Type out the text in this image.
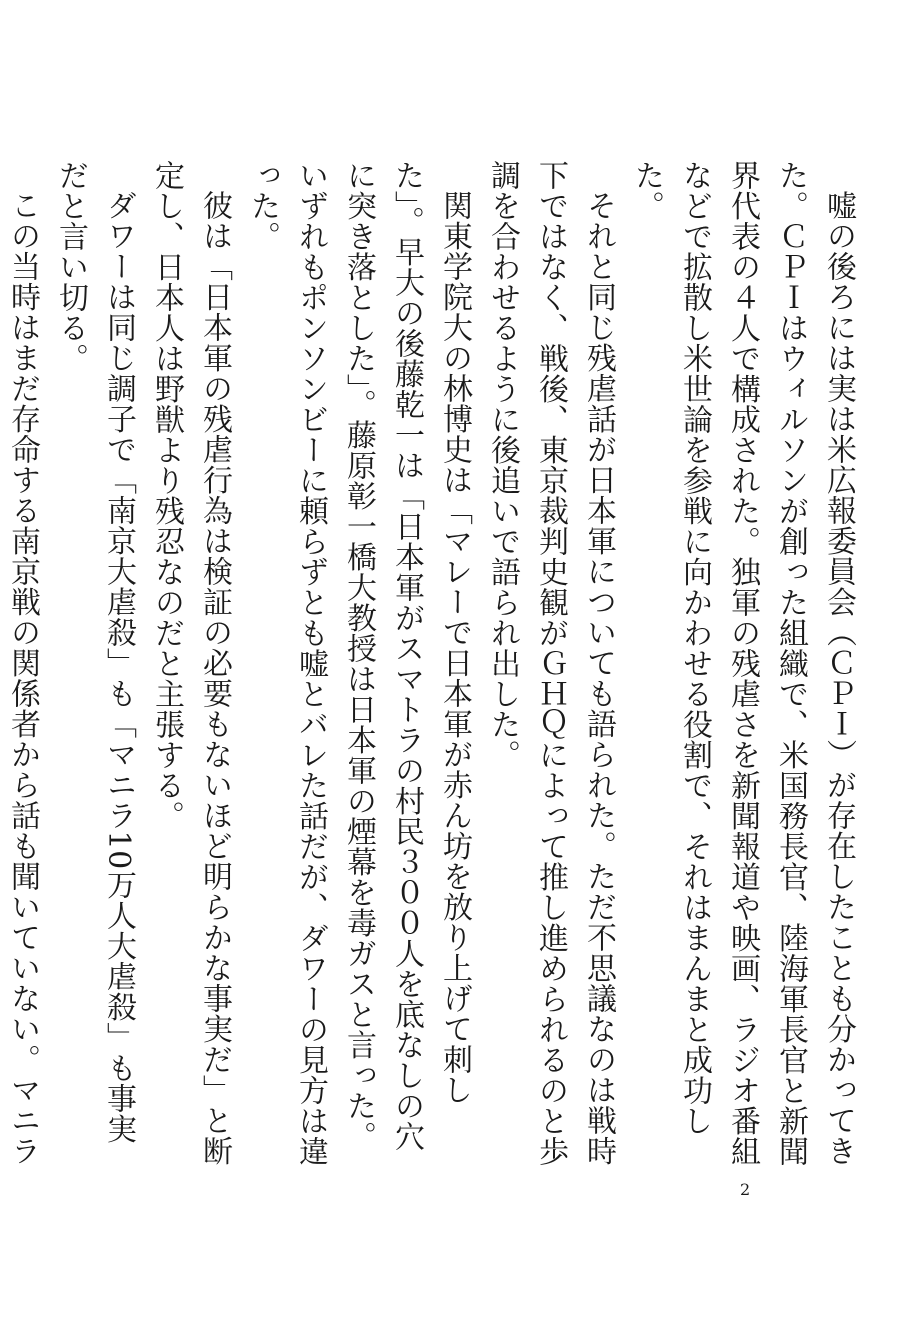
嘘の後ろには実は米広報委員会（ＣＰＩ）が存在したことも分かってきた。ＣＰＩはウィルソンが創った組織で、米国務長官、陸海軍長官と新聞界代表の４人で構成された。独軍の残虐さを新聞報道や映画、ラジオ番組などで拡散し米世論を参戦に向かわせる役割で、それはまんまと成功した。

それと同じ残虐話が日本軍についても語られた。ただ不思議なのは戦時下ではなく、戦後、東京裁判史観がＧＨＱによって推し進められるのと歩調を合わせるように後追いで語られ出した。

関東学院大の林博史は「マレーで日本軍が赤ん坊を放り上げて刺した」。早大の後藤乾一は「日本軍がスマトラの村民３００人を底なしの穴に突き落とした」。藤原彰一橋大教授は日本軍の煙幕を毒ガスと言った。いずれもポンソンビーに頼らずとも嘘とバレた話だが、ダワーの見方は違った。

彼は「日本軍の残虐行為は検証の必要もないほど明らかな事実だ」と断定し、日本人は野獣より残忍なのだと主張する。

ダワーは同じ調子で「南京大虐殺」も「マニラ10万人大虐殺」も事実だと言い切る。

この当時はまだ存命する南京戦の関係者から話も聞いていない。マニラ

2
